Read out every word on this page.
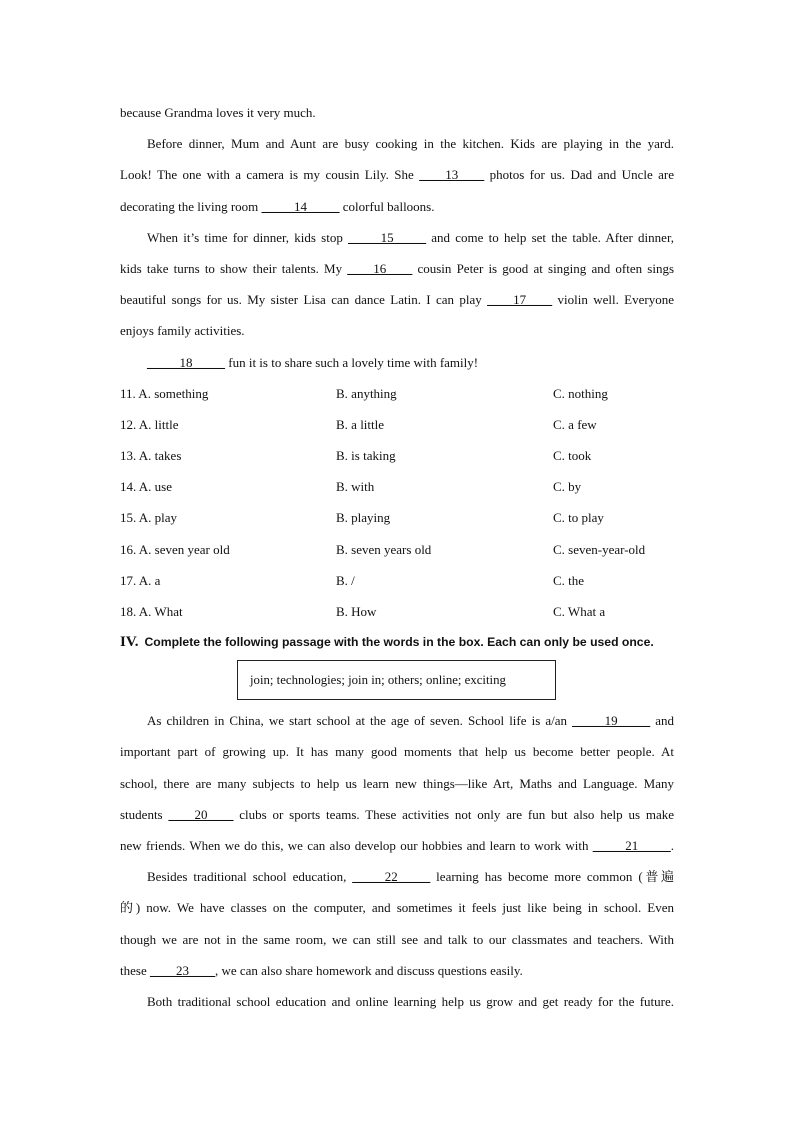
because Grandma loves it very much.
Before dinner, Mum and Aunt are busy cooking in the kitchen. Kids are playing in the yard.
Look! The one with a camera is my cousin Lily. She ____13____ photos for us. Dad and Uncle are
decorating the living room _____14_____ colorful balloons.
When it’s time for dinner, kids stop _____15_____ and come to help set the table. After dinner,
kids take turns to show their talents. My ____16____ cousin Peter is good at singing and often sings
beautiful songs for us. My sister Lisa can dance Latin. I can play ____17____ violin well. Everyone
enjoys family activities.
_____18_____ fun it is to share such a lovely time with family!
11. A. something	B. anything	C. nothing
12. A. little	B. a little	C. a few
13. A. takes	B. is taking	C. took
14. A. use	B. with	C. by
15. A. play	B. playing	C. to play
16. A. seven year old	B. seven years old	C. seven-year-old
17. A. a	B. /	C. the
18. A. What	B. How	C. What a
IV. Complete the following passage with the words in the box. Each can only be used once.
join; technologies; join in; others; online; exciting
As children in China, we start school at the age of seven. School life is a/an _____19_____ and
important part of growing up. It has many good moments that help us become better people. At
school, there are many subjects to help us learn new things—like Art, Maths and Language. Many
students ____20____ clubs or sports teams. These activities not only are fun but also help us make
new friends. When we do this, we can also develop our hobbies and learn to work with _____21_____.
Besides traditional school education, _____22_____ learning has become more common (普遍
的) now. We have classes on the computer, and sometimes it feels just like being in school. Even
though we are not in the same room, we can still see and talk to our classmates and teachers. With
these ____23____, we can also share homework and discuss questions easily.
Both traditional school education and online learning help us grow and get ready for the future.
